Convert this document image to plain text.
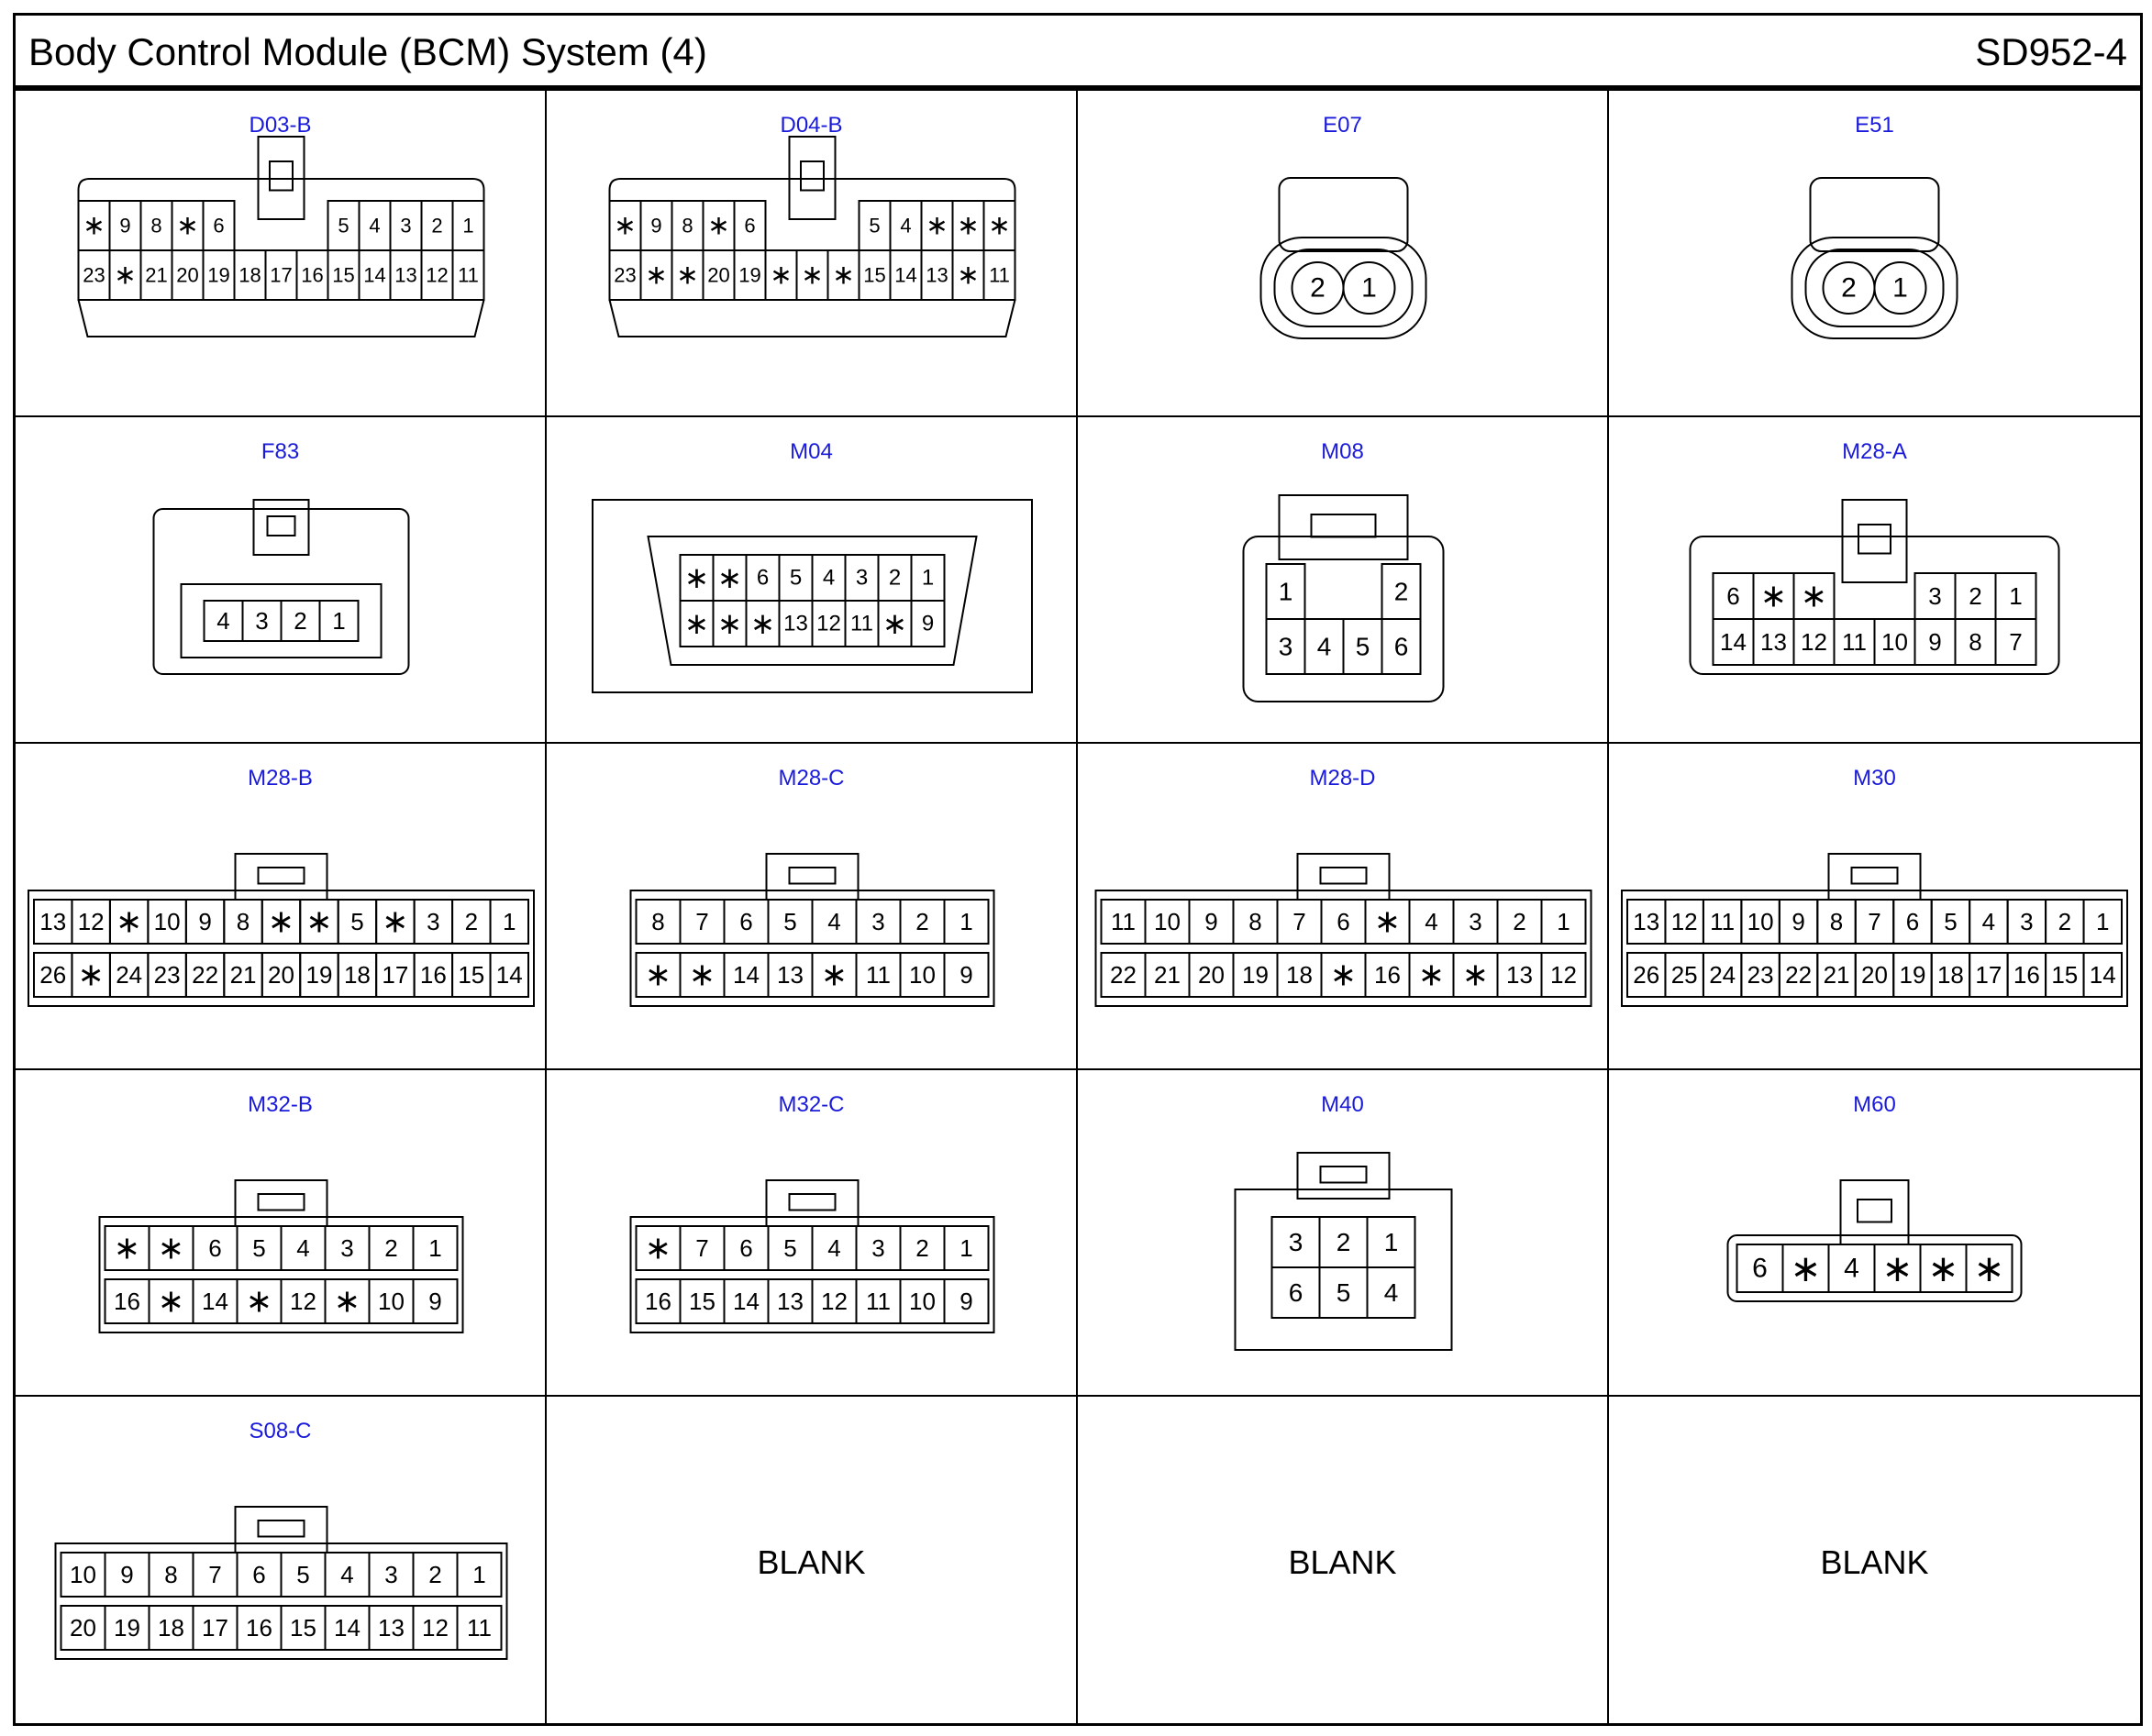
Body Control Module (BCM) System (4)	SD952-4
D03-B
∗ 9 8 ∗ 6	5 4 3 2 1
23 ∗ 21 20 19 18 17 16 15 14 13 12 11
D04-B
∗ 9 8 ∗ 6	5 4 ∗ ∗ ∗
23 ∗ ∗ 20 19 ∗ ∗ ∗ 15 14 13 ∗ 11
E07
2 1
E51
2 1
F83
4 3 2 1
M04
∗ ∗ 6 5 4 3 2 1
∗ ∗ ∗ 13 12 11 ∗ 9
M08
1	2
3 4 5 6
M28-A
6 ∗ ∗	3 2 1
14 13 12 11 10 9 8 7
M28-B
13 12 ∗ 10 9 8 ∗ ∗ 5 ∗ 3 2 1
26 ∗ 24 23 22 21 20 19 18 17 16 15 14
M28-C
8 7 6 5 4 3 2 1
∗ ∗ 14 13 ∗ 11 10 9
M28-D
11 10 9 8 7 6 ∗ 4 3 2 1
22 21 20 19 18 ∗ 16 ∗ ∗ 13 12
M30
13 12 11 10 9 8 7 6 5 4 3 2 1
26 25 24 23 22 21 20 19 18 17 16 15 14
M32-B
∗ ∗ 6 5 4 3 2 1
16 ∗ 14 ∗ 12 ∗ 10 9
M32-C
∗ 7 6 5 4 3 2 1
16 15 14 13 12 11 10 9
M40
3 2 1
6 5 4
M60
6 ∗ 4 ∗ ∗ ∗
S08-C
10 9 8 7 6 5 4 3 2 1
20 19 18 17 16 15 14 13 12 11
BLANK	BLANK	BLANK
